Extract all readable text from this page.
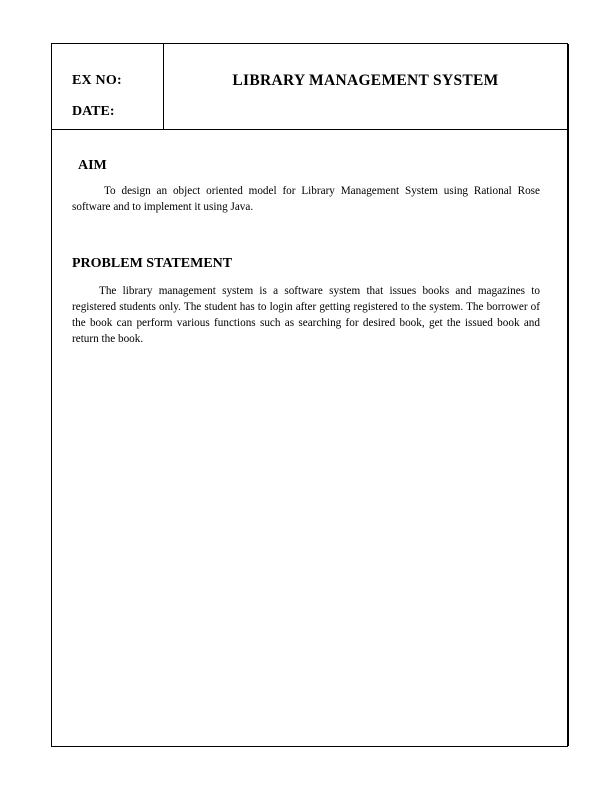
EX NO:
DATE:
LIBRARY MANAGEMENT SYSTEM
AIM

To design an object oriented model for Library Management System using Rational Rose software and to implement it using Java.

PROBLEM STATEMENT

The library management system is a software system that issues books and magazines to registered students only. The student has to login after getting registered to the system. The borrower of the book can perform various functions such as searching for desired book, get the issued book and return the book.
